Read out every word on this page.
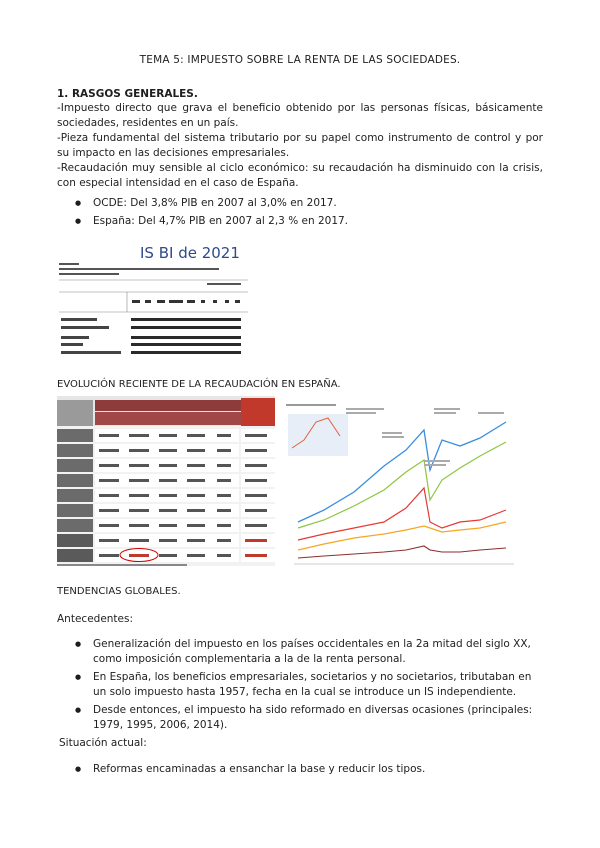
TEMA 5: IMPUESTO SOBRE LA RENTA DE LAS SOCIEDADES.
1. RASGOS GENERALES.
-Impuesto directo que grava el beneficio obtenido por las personas físicas, básicamente sociedades, residentes en un país.
-Pieza fundamental del sistema tributario por su papel como instrumento de control y por su impacto en las decisiones empresariales.
-Recaudación muy sensible al ciclo económico: su recaudación ha disminuido con la crisis, con especial intensidad en el caso de España.
● OCDE: Del 3,8% PIB en 2007 al 3,0% en 2017.
● España: Del 4,7% PIB en 2007 al 2,3 % en 2017.
IS BI de 2021
EVOLUCIÓN RECIENTE DE LA RECAUDACIÓN EN ESPAÑA.
TENDENCIAS GLOBALES.
Antecedentes:
● Generalización del impuesto en los países occidentales en la 2a mitad del siglo XX, como imposición complementaria a la de la renta personal.
● En España, los beneficios empresariales, societarios y no societarios, tributaban en un solo impuesto hasta 1957, fecha en la cual se introduce un IS independiente.
● Desde entonces, el impuesto ha sido reformado en diversas ocasiones (principales: 1979, 1995, 2006, 2014).
Situación actual:
● Reformas encaminadas a ensanchar la base y reducir los tipos.
